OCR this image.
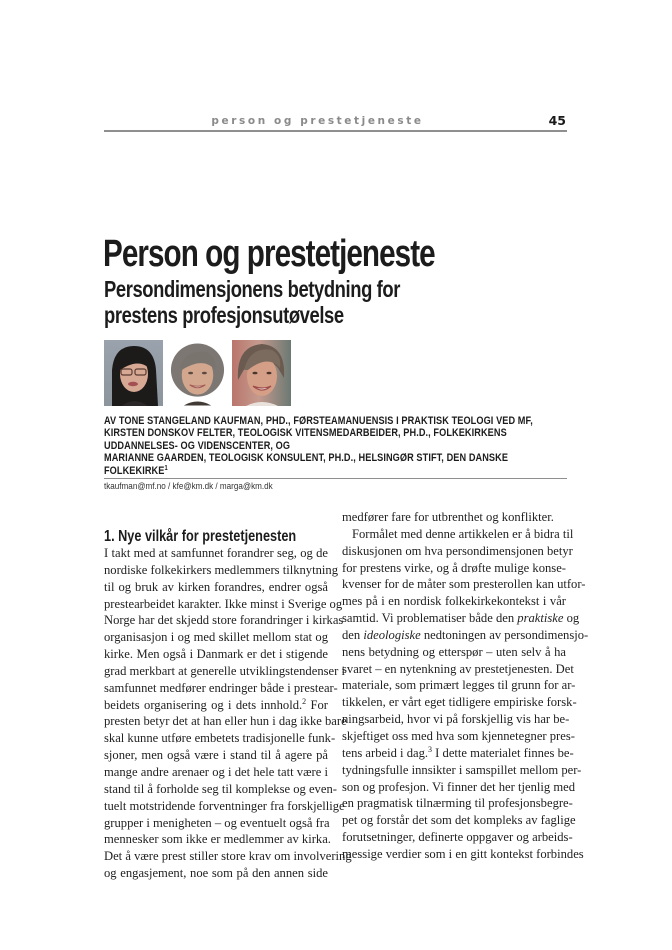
person og prestetjeneste	45
Person og prestetjeneste
Persondimensjonens betydning for
prestens profesjonsutøvelse
AV TONE STANGELAND KAUFMAN, PHD., FØRSTEAMANUENSIS I PRAKTISK TEOLOGI VED MF,
KIRSTEN DONSKOV FELTER, TEOLOGISK VITENSMEDARBEIDER, PH.D., FOLKEKIRKENS
UDDANNELSES- OG VIDENSCENTER, OG
MARIANNE GAARDEN, TEOLOGISK KONSULENT, PH.D., HELSINGØR STIFT, DEN DANSKE
FOLKEKIRKE$^1$
tkaufman@mf.no / kfe@km.dk / marga@km.dk
1. Nye vilkår for prestetjenesten
I takt med at samfunnet forandrer seg, og de
nordiske folkekirkers medlemmers tilknytning
til og bruk av kirken forandres, endrer også
prestearbeidet karakter. Ikke minst i Sverige og
Norge har det skjedd store forandringer i kirkas
organisasjon i og med skillet mellom stat og
kirke. Men også i Danmark er det i stigende
grad merkbart at generelle utviklingstendenser i
samfunnet medfører endringer både i prestear-
beidets organisering og i dets innhold.$^2$ For
presten betyr det at han eller hun i dag ikke bare
skal kunne utføre embetets tradisjonelle funk-
sjoner, men også være i stand til å agere på
mange andre arenaer og i det hele tatt være i
stand til å forholde seg til komplekse og even-
tuelt motstridende forventninger fra forskjellige
grupper i menigheten – og eventuelt også fra
mennesker som ikke er medlemmer av kirka.
Det å være prest stiller store krav om involvering
og engasjement, noe som på den annen side
medfører fare for utbrenthet og konflikter.
Formålet med denne artikkelen er å bidra til
diskusjonen om hva persondimensjonen betyr
for prestens virke, og å drøfte mulige konse-
kvenser for de måter som presterollen kan utfor-
mes på i en nordisk folkekirkekontekst i vår
samtid. Vi problematiser både den praktiske og
den ideologiske nedtoningen av persondimensjo-
nens betydning og etterspør – uten selv å ha
svaret – en nytenkning av prestetjenesten. Det
materiale, som primært legges til grunn for ar-
tikkelen, er vårt eget tidligere empiriske forsk-
ningsarbeid, hvor vi på forskjellig vis har be-
skjeftiget oss med hva som kjennetegner pres-
tens arbeid i dag.$^3$ I dette materialet finnes be-
tydningsfulle innsikter i samspillet mellom per-
son og profesjon. Vi finner det her tjenlig med
en pragmatisk tilnærming til profesjonsbegre-
pet og forstår det som det kompleks av faglige
forutsetninger, definerte oppgaver og arbeids-
messige verdier som i en gitt kontekst forbindes
